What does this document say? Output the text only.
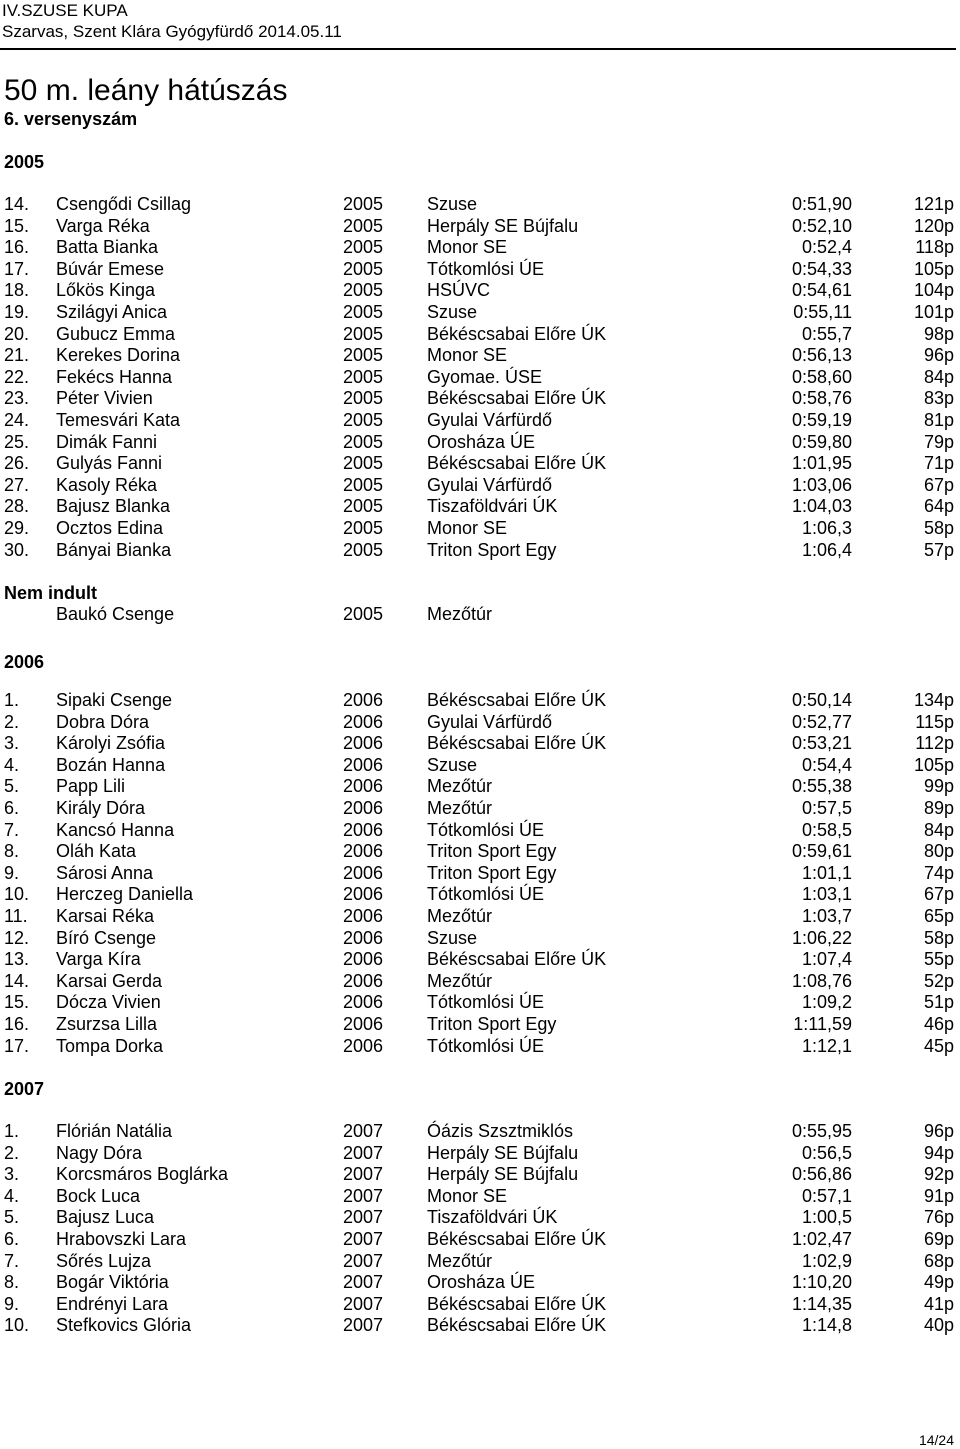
IV.SZUSE KUPA
Szarvas, Szent Klára Gyógyfürdő 2014.05.11
50 m. leány hátúszás
6. versenyszám
2005
14. Csengődi Csillag	2005 Szuse	0:51,90	121p
15. Varga Réka	2005 Herpály SE Bújfalu	0:52,10	120p
16. Batta Bianka	2005 Monor SE	0:52,4	118p
17. Búvár Emese	2005 Tótkomlósi ÚE	0:54,33	105p
18. Lőkös Kinga	2005 HSÚVC	0:54,61	104p
19. Szilágyi Anica	2005 Szuse	0:55,11	101p
20. Gubucz Emma	2005 Békéscsabai Előre ÚK	0:55,7	98p
21. Kerekes Dorina	2005 Monor SE	0:56,13	96p
22. Fekécs Hanna	2005 Gyomae. ÚSE	0:58,60	84p
23. Péter Vivien	2005 Békéscsabai Előre ÚK	0:58,76	83p
24. Temesvári Kata	2005 Gyulai Várfürdő	0:59,19	81p
25. Dimák Fanni	2005 Orosháza ÚE	0:59,80	79p
26. Gulyás Fanni	2005 Békéscsabai Előre ÚK	1:01,95	71p
27. Kasoly Réka	2005 Gyulai Várfürdő	1:03,06	67p
28. Bajusz Blanka	2005 Tiszaföldvári ÚK	1:04,03	64p
29. Ocztos Edina	2005 Monor SE	1:06,3	58p
30. Bányai Bianka	2005 Triton Sport Egy	1:06,4	57p
Nem indult
Baukó Csenge	2005 Mezőtúr
2006
1. Sipaki Csenge	2006 Békéscsabai Előre ÚK	0:50,14	134p
2. Dobra Dóra	2006 Gyulai Várfürdő	0:52,77	115p
3. Károlyi Zsófia	2006 Békéscsabai Előre ÚK	0:53,21	112p
4. Bozán Hanna	2006 Szuse	0:54,4	105p
5. Papp Lili	2006 Mezőtúr	0:55,38	99p
6. Király Dóra	2006 Mezőtúr	0:57,5	89p
7. Kancsó Hanna	2006 Tótkomlósi ÚE	0:58,5	84p
8. Oláh Kata	2006 Triton Sport Egy	0:59,61	80p
9. Sárosi Anna	2006 Triton Sport Egy	1:01,1	74p
10. Herczeg Daniella	2006 Tótkomlósi ÚE	1:03,1	67p
11. Karsai Réka	2006 Mezőtúr	1:03,7	65p
12. Bíró Csenge	2006 Szuse	1:06,22	58p
13. Varga Kíra	2006 Békéscsabai Előre ÚK	1:07,4	55p
14. Karsai Gerda	2006 Mezőtúr	1:08,76	52p
15. Dócza Vivien	2006 Tótkomlósi ÚE	1:09,2	51p
16. Zsurzsa Lilla	2006 Triton Sport Egy	1:11,59	46p
17. Tompa Dorka	2006 Tótkomlósi ÚE	1:12,1	45p
2007
1. Flórián Natália	2007 Óázis Szsztmiklós	0:55,95	96p
2. Nagy Dóra	2007 Herpály SE Bújfalu	0:56,5	94p
3. Korcsmáros Boglárka	2007 Herpály SE Bújfalu	0:56,86	92p
4. Bock Luca	2007 Monor SE	0:57,1	91p
5. Bajusz Luca	2007 Tiszaföldvári ÚK	1:00,5	76p
6. Hrabovszki Lara	2007 Békéscsabai Előre ÚK	1:02,47	69p
7. Sőrés Lujza	2007 Mezőtúr	1:02,9	68p
8. Bogár Viktória	2007 Orosháza ÚE	1:10,20	49p
9. Endrényi Lara	2007 Békéscsabai Előre ÚK	1:14,35	41p
10. Stefkovics Glória	2007 Békéscsabai Előre ÚK	1:14,8	40p
14/24
